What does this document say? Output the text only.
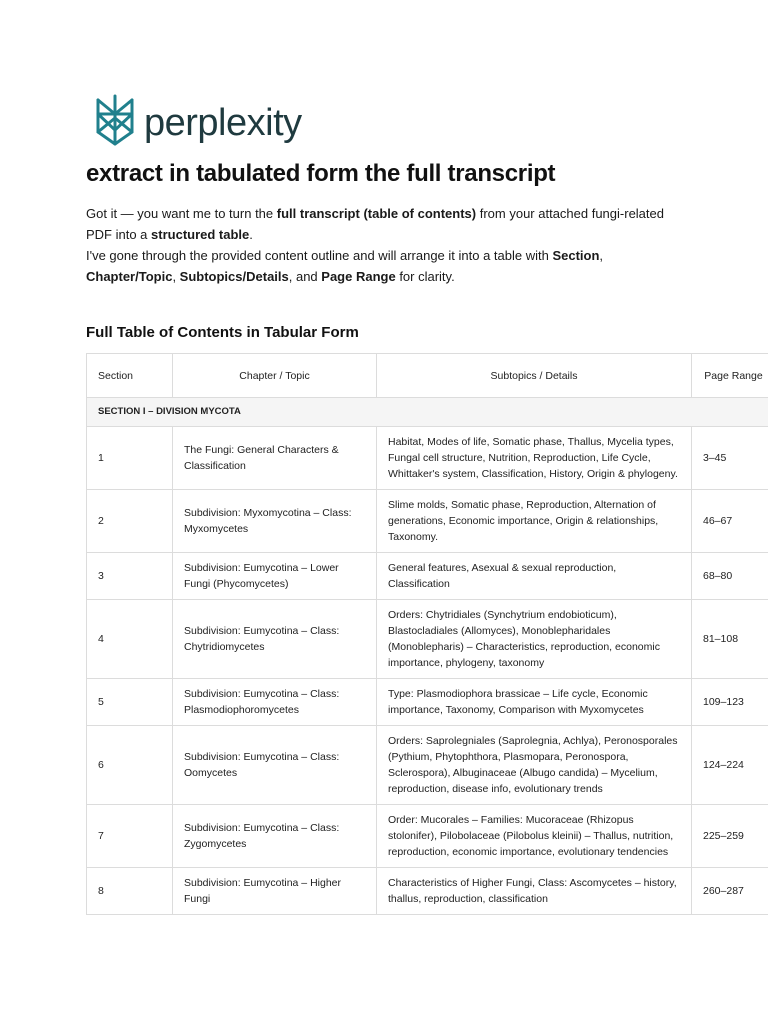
perplexity
extract in tabulated form the full transcript

Got it — you want me to turn the full transcript (table of contents) from your attached fungi-related PDF into a structured table.

I've gone through the provided content outline and will arrange it into a table with Section, Chapter/Topic, Subtopics/Details, and Page Range for clarity.

Full Table of Contents in Tabular Form
Section	Chapter / Topic	Subtopics / Details	Page Range
SECTION I – DIVISION MYCOTA			
1	The Fungi: General Characters & Classification	Habitat, Modes of life, Somatic phase, Thallus, Mycelia types, Fungal cell structure, Nutrition, Reproduction, Life Cycle, Whittaker's system, Classification, History, Origin & phylogeny.	3–45
2	Subdivision: Myxomycotina – Class: Myxomycetes	Slime molds, Somatic phase, Reproduction, Alternation of generations, Economic importance, Origin & relationships, Taxonomy.	46–67
3	Subdivision: Eumycotina – Lower Fungi (Phycomycetes)	General features, Asexual & sexual reproduction, Classification	68–80
4	Subdivision: Eumycotina – Class: Chytridiomycetes	Orders: Chytridiales (Synchytrium endobioticum), Blastocladiales (Allomyces), Monoblepharidales (Monoblepharis) – Characteristics, reproduction, economic importance, phylogeny, taxonomy	81–108
5	Subdivision: Eumycotina – Class: Plasmodiophoromycetes	Type: Plasmodiophora brassicae – Life cycle, Economic importance, Taxonomy, Comparison with Myxomycetes	109–123
6	Subdivision: Eumycotina – Class: Oomycetes	Orders: Saprolegniales (Saprolegnia, Achlya), Peronosporales (Pythium, Phytophthora, Plasmopara, Peronospora, Sclerospora), Albuginaceae (Albugo candida) – Mycelium, reproduction, disease info, evolutionary trends	124–224
7	Subdivision: Eumycotina – Class: Zygomycetes	Order: Mucorales – Families: Mucoraceae (Rhizopus stolonifer), Pilobolaceae (Pilobolus kleinii) – Thallus, nutrition, reproduction, economic importance, evolutionary tendencies	225–259
8	Subdivision: Eumycotina – Higher Fungi	Characteristics of Higher Fungi, Class: Ascomycetes – history, thallus, reproduction, classification	260–287
